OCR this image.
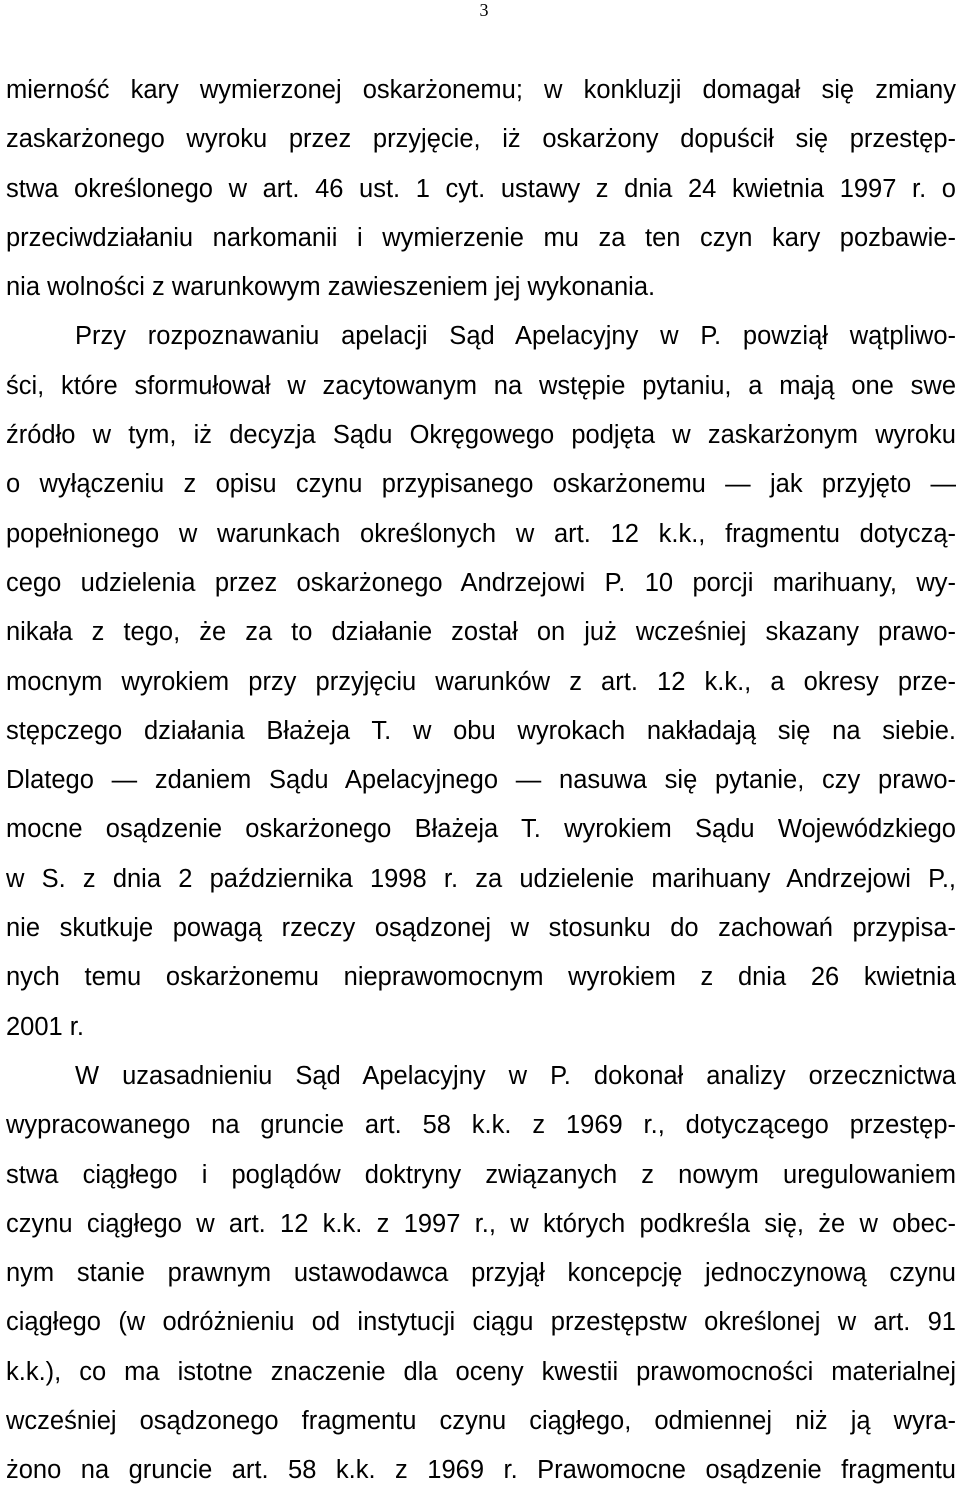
3
mierność kary wymierzonej oskarżonemu; w konkluzji domagał się zmiany
zaskarżonego wyroku przez przyjęcie, iż oskarżony dopuścił się przestęp-
stwa określonego w art. 46 ust. 1 cyt. ustawy z dnia 24 kwietnia 1997 r. o
przeciwdziałaniu narkomanii i wymierzenie mu za ten czyn kary pozbawie-
nia wolności z warunkowym zawieszeniem jej wykonania.
Przy rozpoznawaniu apelacji Sąd Apelacyjny w P. powziął wątpliwo-
ści, które sformułował w zacytowanym na wstępie pytaniu, a mają one swe
źródło w tym, iż decyzja Sądu Okręgowego podjęta w zaskarżonym wyroku
o wyłączeniu z opisu czynu przypisanego oskarżonemu — jak przyjęto —
popełnionego w warunkach określonych w art. 12 k.k., fragmentu dotyczą-
cego udzielenia przez oskarżonego Andrzejowi P. 10 porcji marihuany, wy-
nikała z tego, że za to działanie został on już wcześniej skazany prawo-
mocnym wyrokiem przy przyjęciu warunków z art. 12 k.k., a okresy prze-
stępczego działania Błażeja T. w obu wyrokach nakładają się na siebie.
Dlatego — zdaniem Sądu Apelacyjnego — nasuwa się pytanie, czy prawo-
mocne osądzenie oskarżonego Błażeja T. wyrokiem Sądu Wojewódzkiego
w S. z dnia 2 października 1998 r. za udzielenie marihuany Andrzejowi P.,
nie skutkuje powagą rzeczy osądzonej w stosunku do zachowań przypisa-
nych temu oskarżonemu nieprawomocnym wyrokiem z dnia 26 kwietnia
2001 r.
W uzasadnieniu Sąd Apelacyjny w P. dokonał analizy orzecznictwa
wypracowanego na gruncie art. 58 k.k. z 1969 r., dotyczącego przestęp-
stwa ciągłego i poglądów doktryny związanych z nowym uregulowaniem
czynu ciągłego w art. 12 k.k. z 1997 r., w których podkreśla się, że w obec-
nym stanie prawnym ustawodawca przyjął koncepcję jednoczynową czynu
ciągłego (w odróżnieniu od instytucji ciągu przestępstw określonej w art. 91
k.k.), co ma istotne znaczenie dla oceny kwestii prawomocności materialnej
wcześniej osądzonego fragmentu czynu ciągłego, odmiennej niż ją wyra-
żono na gruncie art. 58 k.k. z 1969 r. Prawomocne osądzenie fragmentu
